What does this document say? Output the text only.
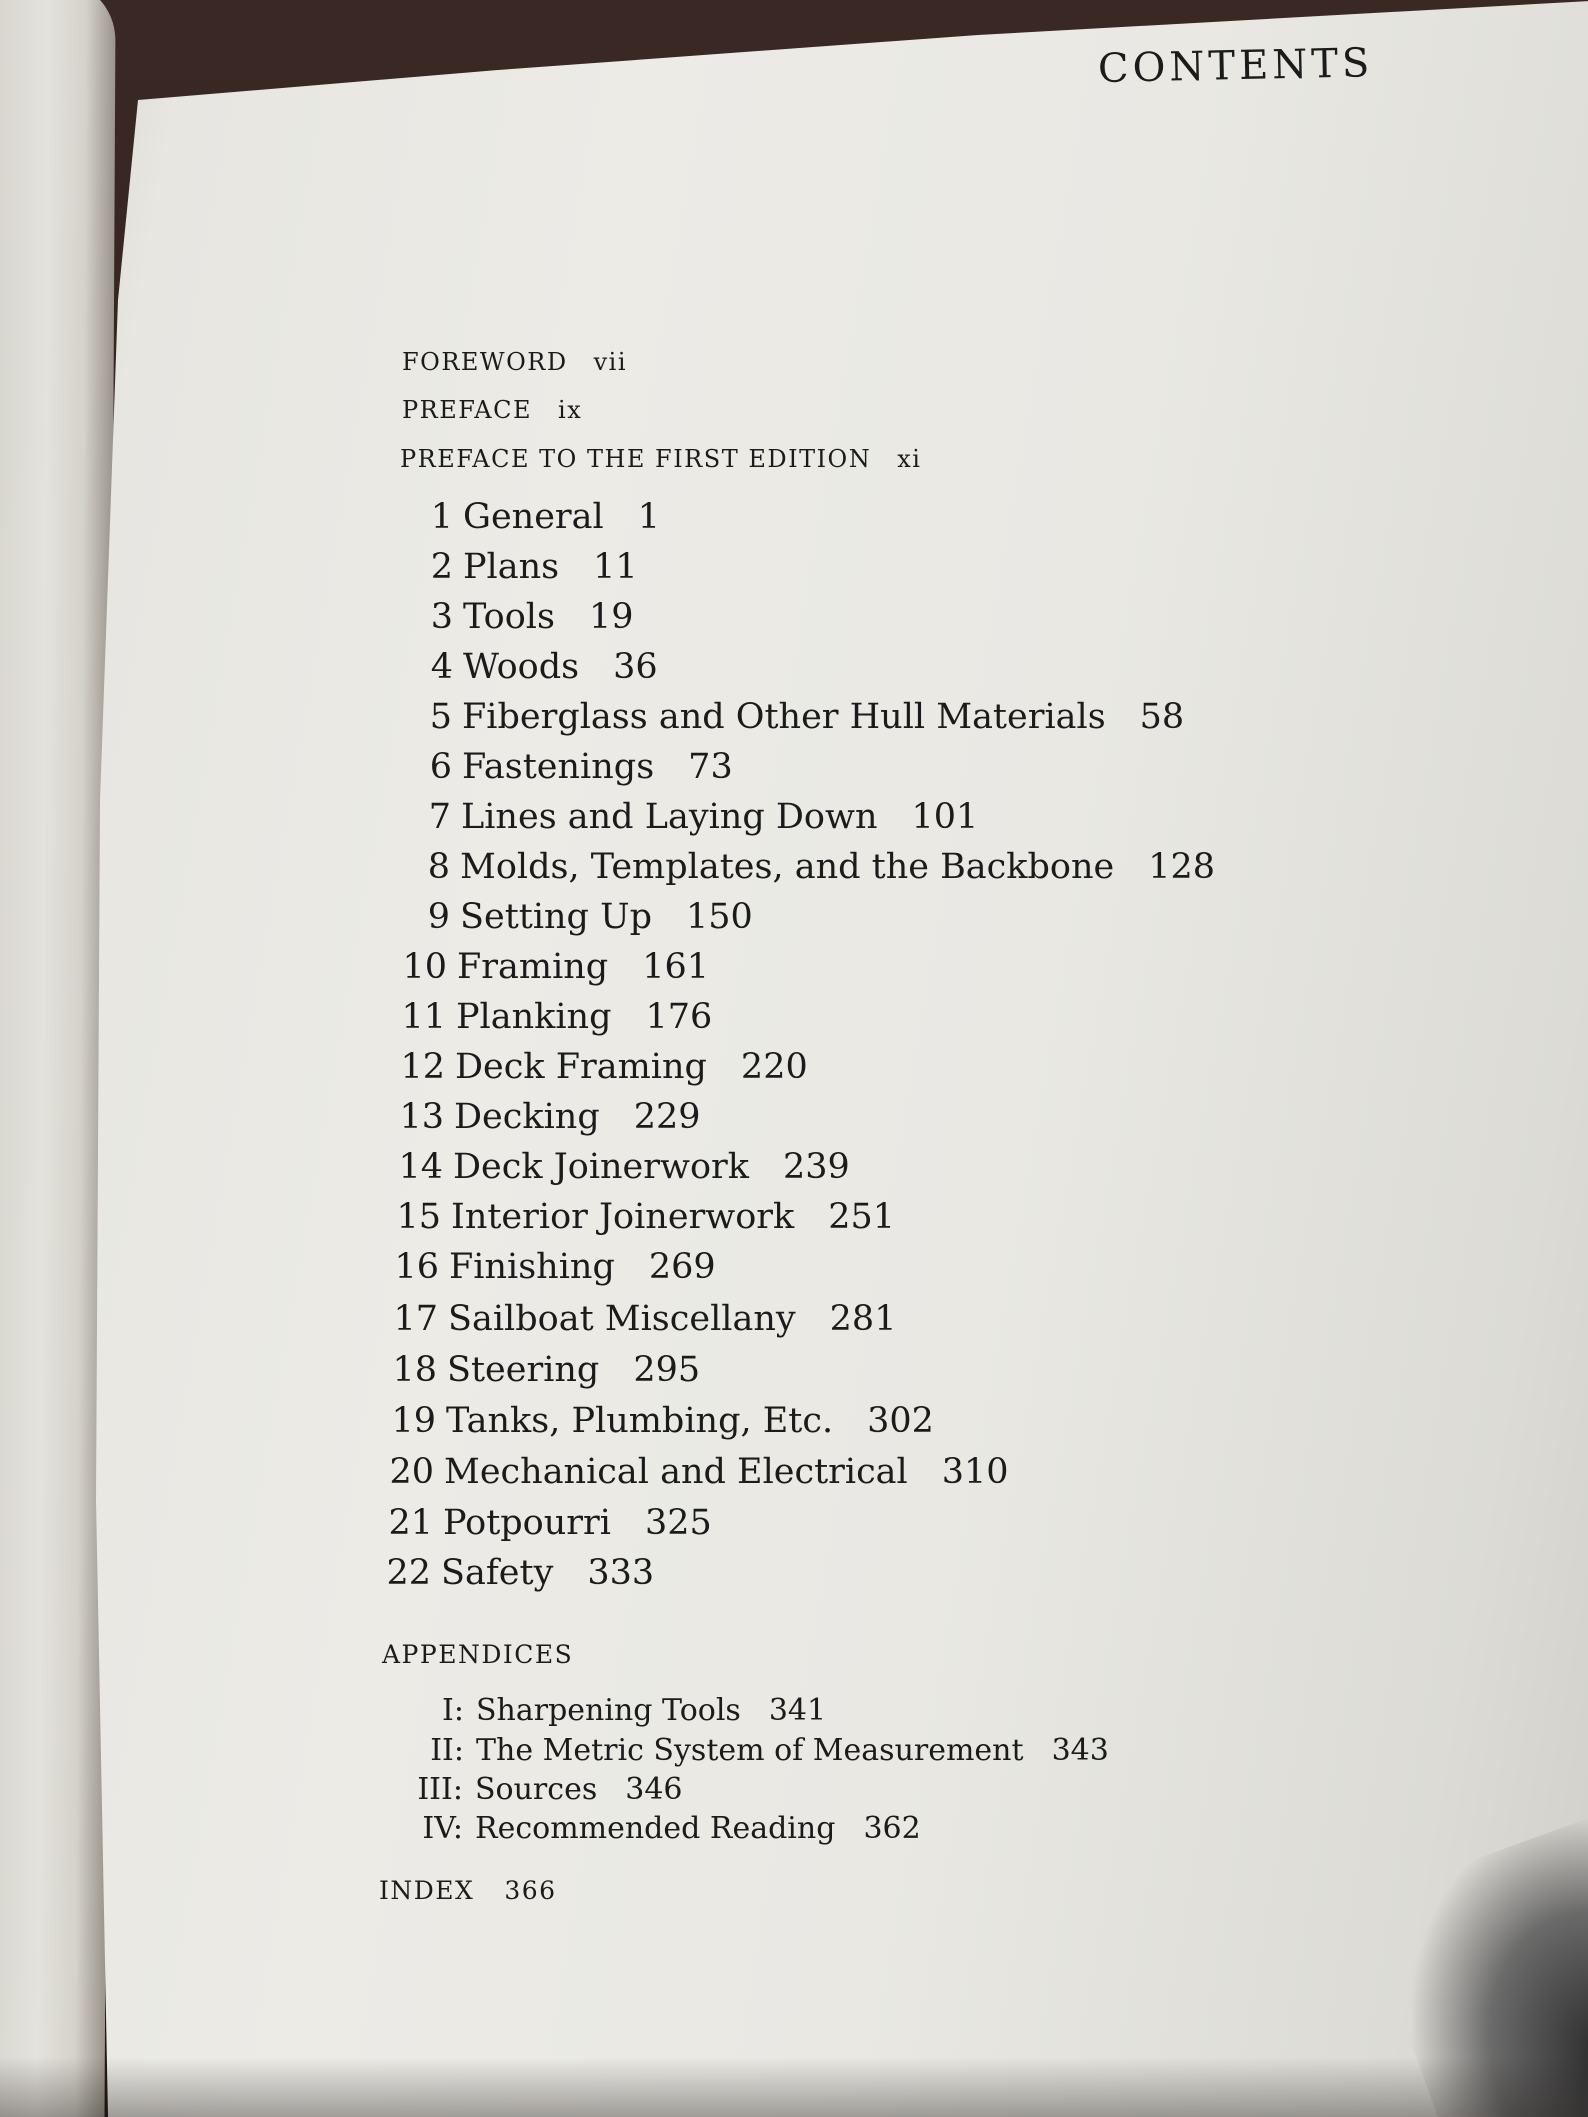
CONTENTS
FOREWORD vii
PREFACE ix
PREFACE TO THE FIRST EDITION xi
1 General 1
2 Plans 11
3 Tools 19
4 Woods 36
5 Fiberglass and Other Hull Materials 58
6 Fastenings 73
7 Lines and Laying Down 101
8 Molds, Templates, and the Backbone 128
9 Setting Up 150
10 Framing 161
11 Planking 176
12 Deck Framing 220
13 Decking 229
14 Deck Joinerwork 239
15 Interior Joinerwork 251
16 Finishing 269
17 Sailboat Miscellany 281
18 Steering 295
19 Tanks, Plumbing, Etc. 302
20 Mechanical and Electrical 310
21 Potpourri 325
22 Safety 333
APPENDICES
I: Sharpening Tools 341
II: The Metric System of Measurement 343
III: Sources 346
IV: Recommended Reading 362
INDEX 366
